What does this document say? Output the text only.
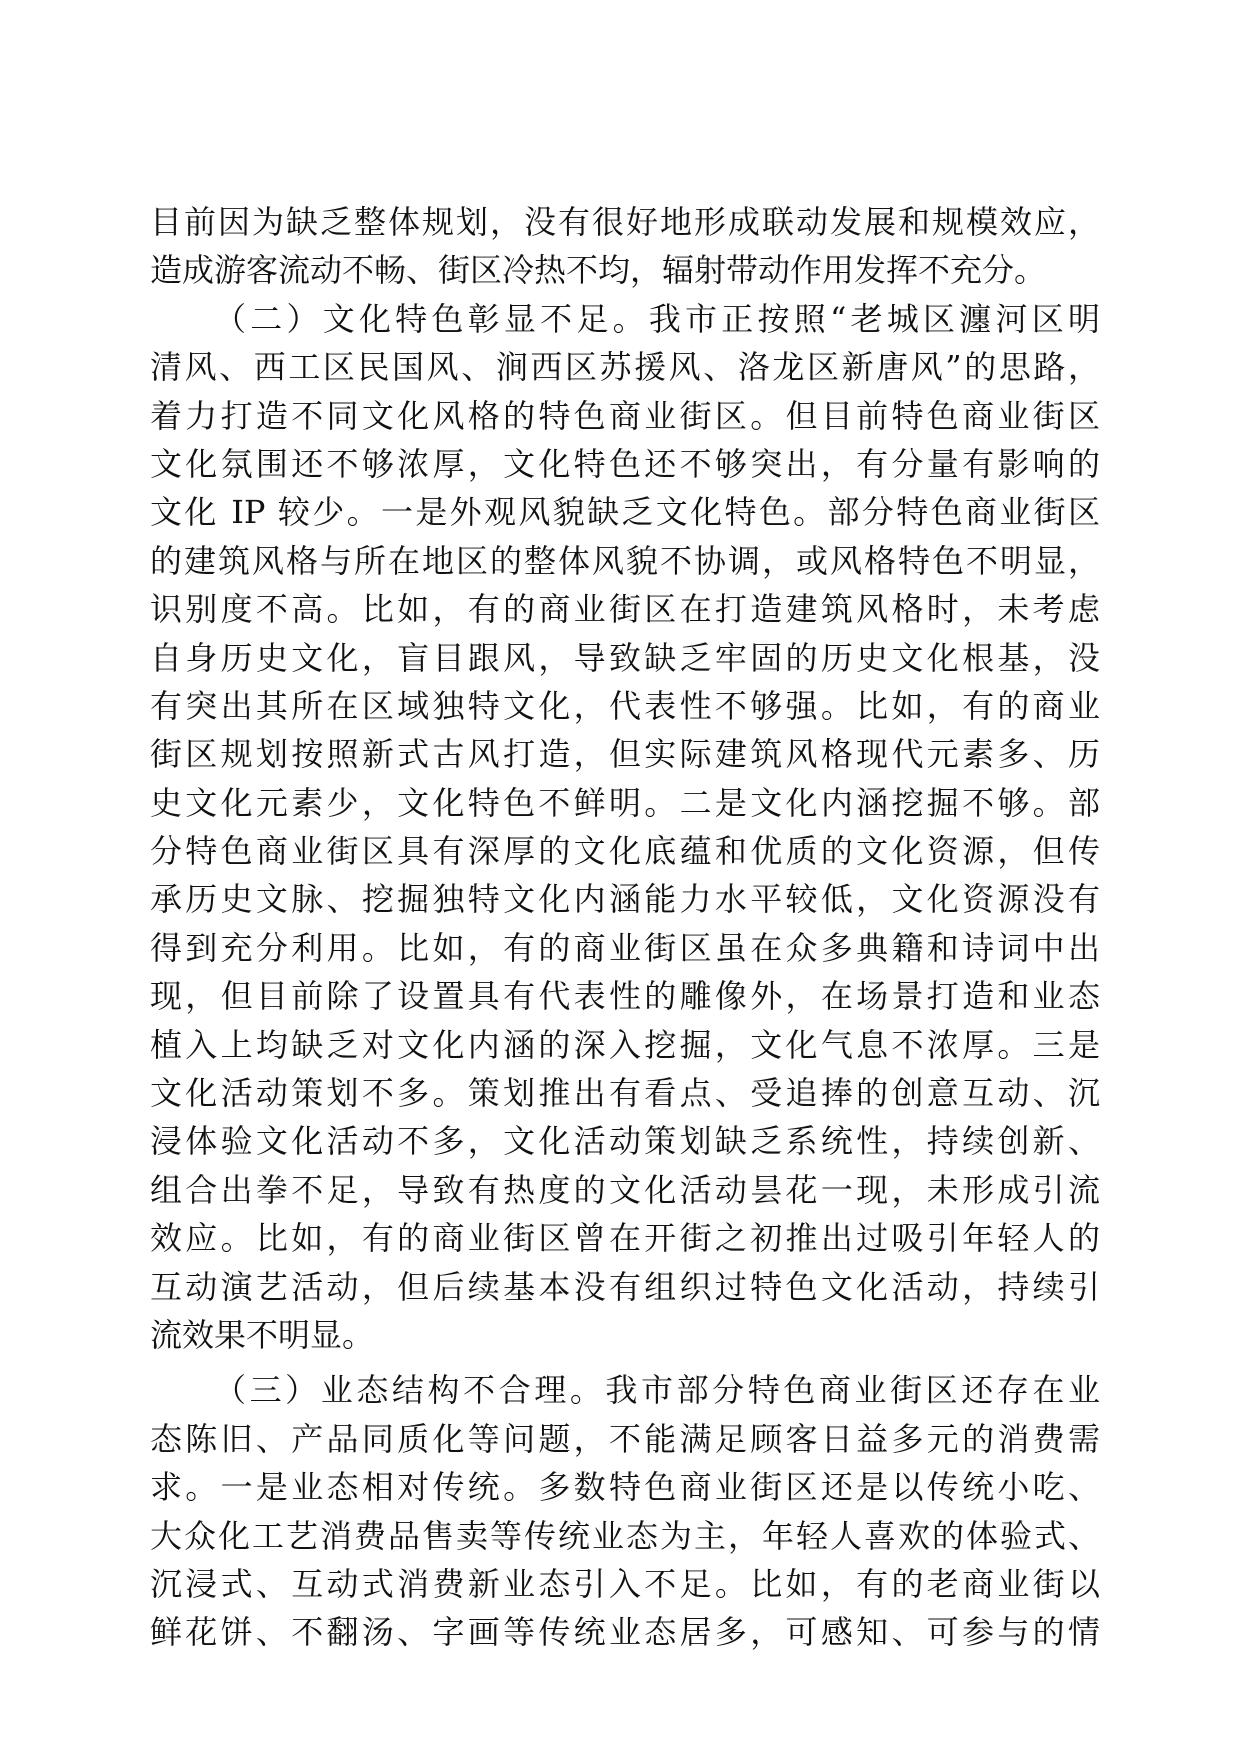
目前因为缺乏整体规划，没有很好地形成联动发展和规模效应，
造成游客流动不畅、街区冷热不均，辐射带动作用发挥不充分。
（二）文化特色彰显不足。我市正按照“老城区瀍河区明
清风、西工区民国风、涧西区苏援风、洛龙区新唐风”的思路，
着力打造不同文化风格的特色商业街区。但目前特色商业街区
文化氛围还不够浓厚，文化特色还不够突出，有分量有影响的
文化 IP 较少。一是外观风貌缺乏文化特色。部分特色商业街区
的建筑风格与所在地区的整体风貌不协调，或风格特色不明显，
识别度不高。比如，有的商业街区在打造建筑风格时，未考虑
自身历史文化，盲目跟风，导致缺乏牢固的历史文化根基，没
有突出其所在区域独特文化，代表性不够强。比如，有的商业
街区规划按照新式古风打造，但实际建筑风格现代元素多、历
史文化元素少，文化特色不鲜明。二是文化内涵挖掘不够。部
分特色商业街区具有深厚的文化底蕴和优质的文化资源，但传
承历史文脉、挖掘独特文化内涵能力水平较低，文化资源没有
得到充分利用。比如，有的商业街区虽在众多典籍和诗词中出
现，但目前除了设置具有代表性的雕像外，在场景打造和业态
植入上均缺乏对文化内涵的深入挖掘，文化气息不浓厚。三是
文化活动策划不多。策划推出有看点、受追捧的创意互动、沉
浸体验文化活动不多，文化活动策划缺乏系统性，持续创新、
组合出拳不足，导致有热度的文化活动昙花一现，未形成引流
效应。比如，有的商业街区曾在开街之初推出过吸引年轻人的
互动演艺活动，但后续基本没有组织过特色文化活动，持续引
流效果不明显。
（三）业态结构不合理。我市部分特色商业街区还存在业
态陈旧、产品同质化等问题，不能满足顾客日益多元的消费需
求。一是业态相对传统。多数特色商业街区还是以传统小吃、
大众化工艺消费品售卖等传统业态为主，年轻人喜欢的体验式、
沉浸式、互动式消费新业态引入不足。比如，有的老商业街以
鲜花饼、不翻汤、字画等传统业态居多，可感知、可参与的情
